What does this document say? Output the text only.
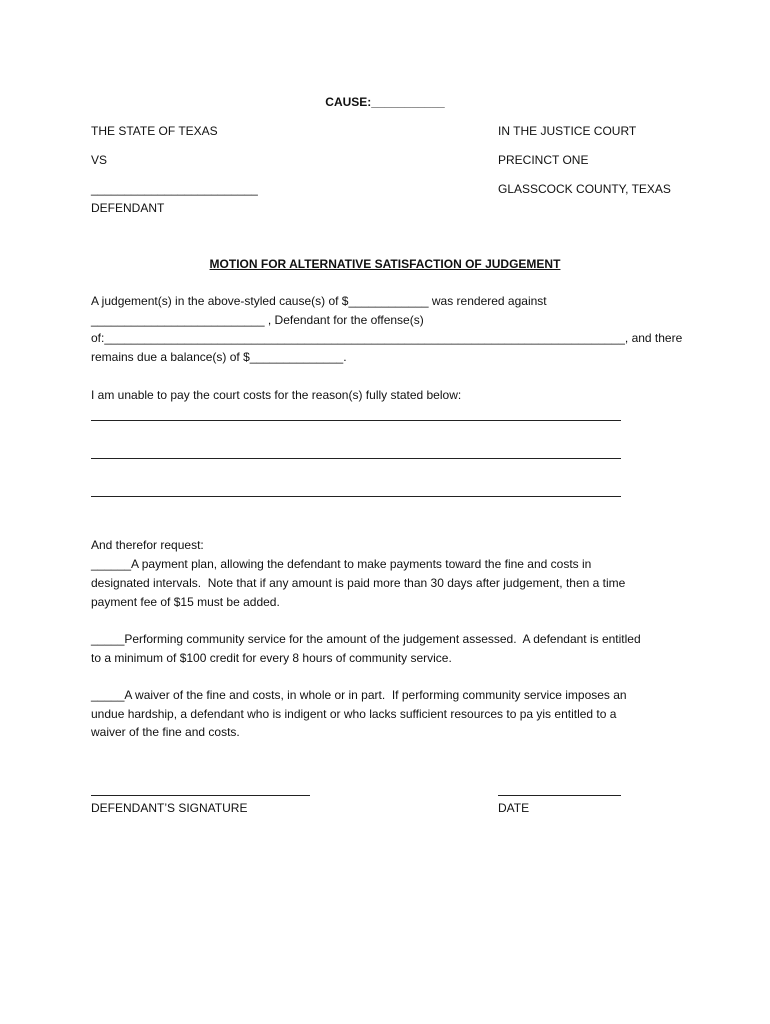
CAUSE:___________
THE STATE OF TEXAS	IN THE JUSTICE COURT
VS	PRECINCT ONE
_________________________	GLASSCOCK COUNTY, TEXAS
DEFENDANT
MOTION FOR ALTERNATIVE SATISFACTION OF JUDGEMENT
A judgement(s) in the above-styled cause(s) of $____________ was rendered against
__________________________ , Defendant for the offense(s)
of:______________________________________________________________________________, and there
remains due a balance(s) of $______________.
I am unable to pay the court costs for the reason(s) fully stated below:
And therefor request:
______A payment plan, allowing the defendant to make payments toward the fine and costs in
designated intervals.  Note that if any amount is paid more than 30 days after judgement, then a time
payment fee of $15 must be added.
_____Performing community service for the amount of the judgement assessed.  A defendant is entitled
to a minimum of $100 credit for every 8 hours of community service.
_____A waiver of the fine and costs, in whole or in part.  If performing community service imposes an
undue hardship, a defendant who is indigent or who lacks sufficient resources to pa yis entitled to a
waiver of the fine and costs.
DEFENDANT’S SIGNATURE	DATE
